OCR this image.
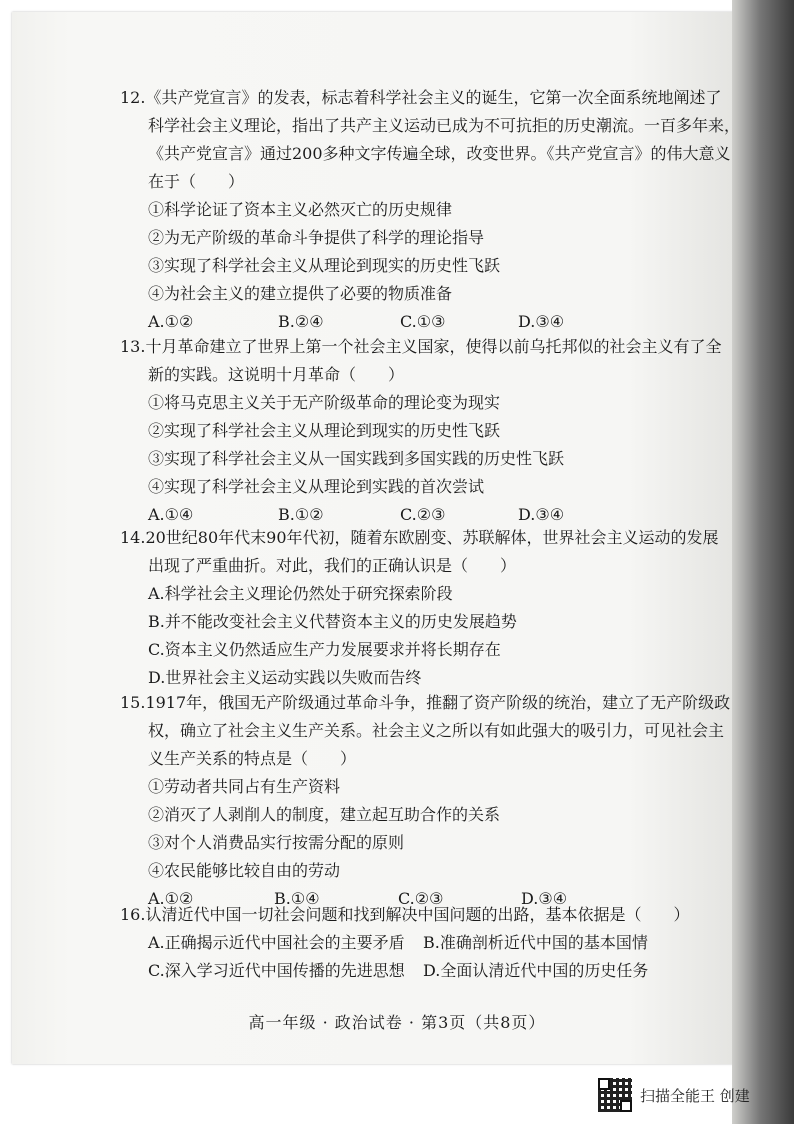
12.《共产党宣言》的发表，标志着科学社会主义的诞生，它第一次全面系统地阐述了
科学社会主义理论，指出了共产主义运动已成为不可抗拒的历史潮流。一百多年来，
《共产党宣言》通过200多种文字传遍全球，改变世界。《共产党宣言》的伟大意义
在于（　　）
①科学论证了资本主义必然灭亡的历史规律
②为无产阶级的革命斗争提供了科学的理论指导
③实现了科学社会主义从理论到现实的历史性飞跃
④为社会主义的建立提供了必要的物质准备
A.①②	B.②④	C.①③	D.③④
13.十月革命建立了世界上第一个社会主义国家，使得以前乌托邦似的社会主义有了全
新的实践。这说明十月革命（　　）
①将马克思主义关于无产阶级革命的理论变为现实
②实现了科学社会主义从理论到现实的历史性飞跃
③实现了科学社会主义从一国实践到多国实践的历史性飞跃
④实现了科学社会主义从理论到实践的首次尝试
A.①④	B.①②	C.②③	D.③④
14.20世纪80年代末90年代初，随着东欧剧变、苏联解体，世界社会主义运动的发展
出现了严重曲折。对此，我们的正确认识是（　　）
A.科学社会主义理论仍然处于研究探索阶段
B.并不能改变社会主义代替资本主义的历史发展趋势
C.资本主义仍然适应生产力发展要求并将长期存在
D.世界社会主义运动实践以失败而告终
15.1917年，俄国无产阶级通过革命斗争，推翻了资产阶级的统治，建立了无产阶级政
权，确立了社会主义生产关系。社会主义之所以有如此强大的吸引力，可见社会主
义生产关系的特点是（　　）
①劳动者共同占有生产资料
②消灭了人剥削人的制度，建立起互助合作的关系
③对个人消费品实行按需分配的原则
④农民能够比较自由的劳动
A.①②	B.①④	C.②③	D.③④
16.认清近代中国一切社会问题和找到解决中国问题的出路，基本依据是（　　）
A.正确揭示近代中国社会的主要矛盾 B.准确剖析近代中国的基本国情
C.深入学习近代中国传播的先进思想 D.全面认清近代中国的历史任务
高一年级 · 政治试卷 · 第3页（共8页）
扫描全能王 创建
